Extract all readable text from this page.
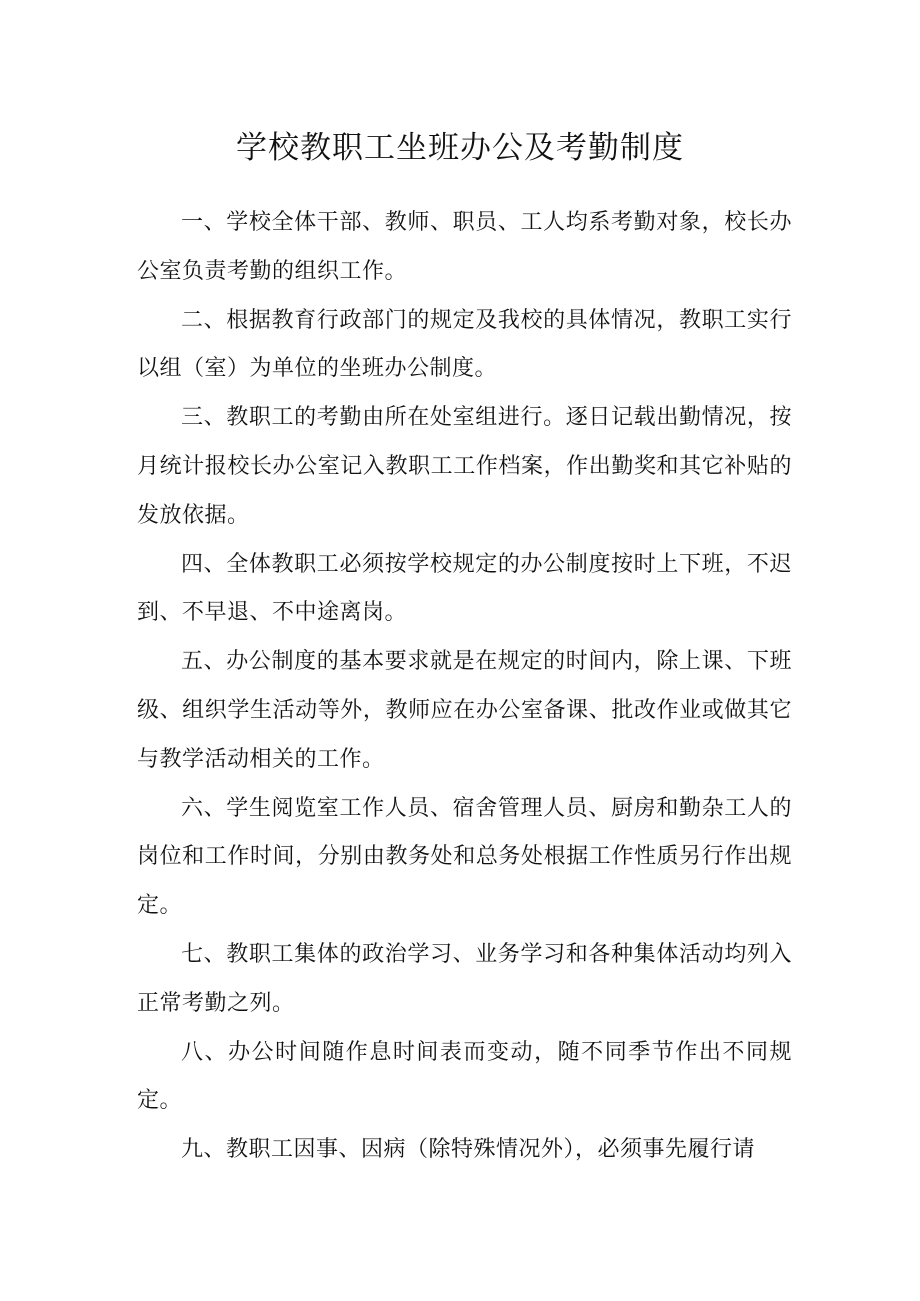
学校教职工坐班办公及考勤制度

一、学校全体干部、教师、职员、工人均系考勤对象，校长办公室负责考勤的组织工作。

二、根据教育行政部门的规定及我校的具体情况，教职工实行以组（室）为单位的坐班办公制度。

三、教职工的考勤由所在处室组进行。逐日记载出勤情况，按月统计报校长办公室记入教职工工作档案，作出勤奖和其它补贴的发放依据。

四、全体教职工必须按学校规定的办公制度按时上下班，不迟到、不早退、不中途离岗。

五、办公制度的基本要求就是在规定的时间内，除上课、下班级、组织学生活动等外，教师应在办公室备课、批改作业或做其它与教学活动相关的工作。

六、学生阅览室工作人员、宿舍管理人员、厨房和勤杂工人的岗位和工作时间，分别由教务处和总务处根据工作性质另行作出规定。

七、教职工集体的政治学习、业务学习和各种集体活动均列入正常考勤之列。

八、办公时间随作息时间表而变动，随不同季节作出不同规定。

九、教职工因事、因病（除特殊情况外），必须事先履行请
